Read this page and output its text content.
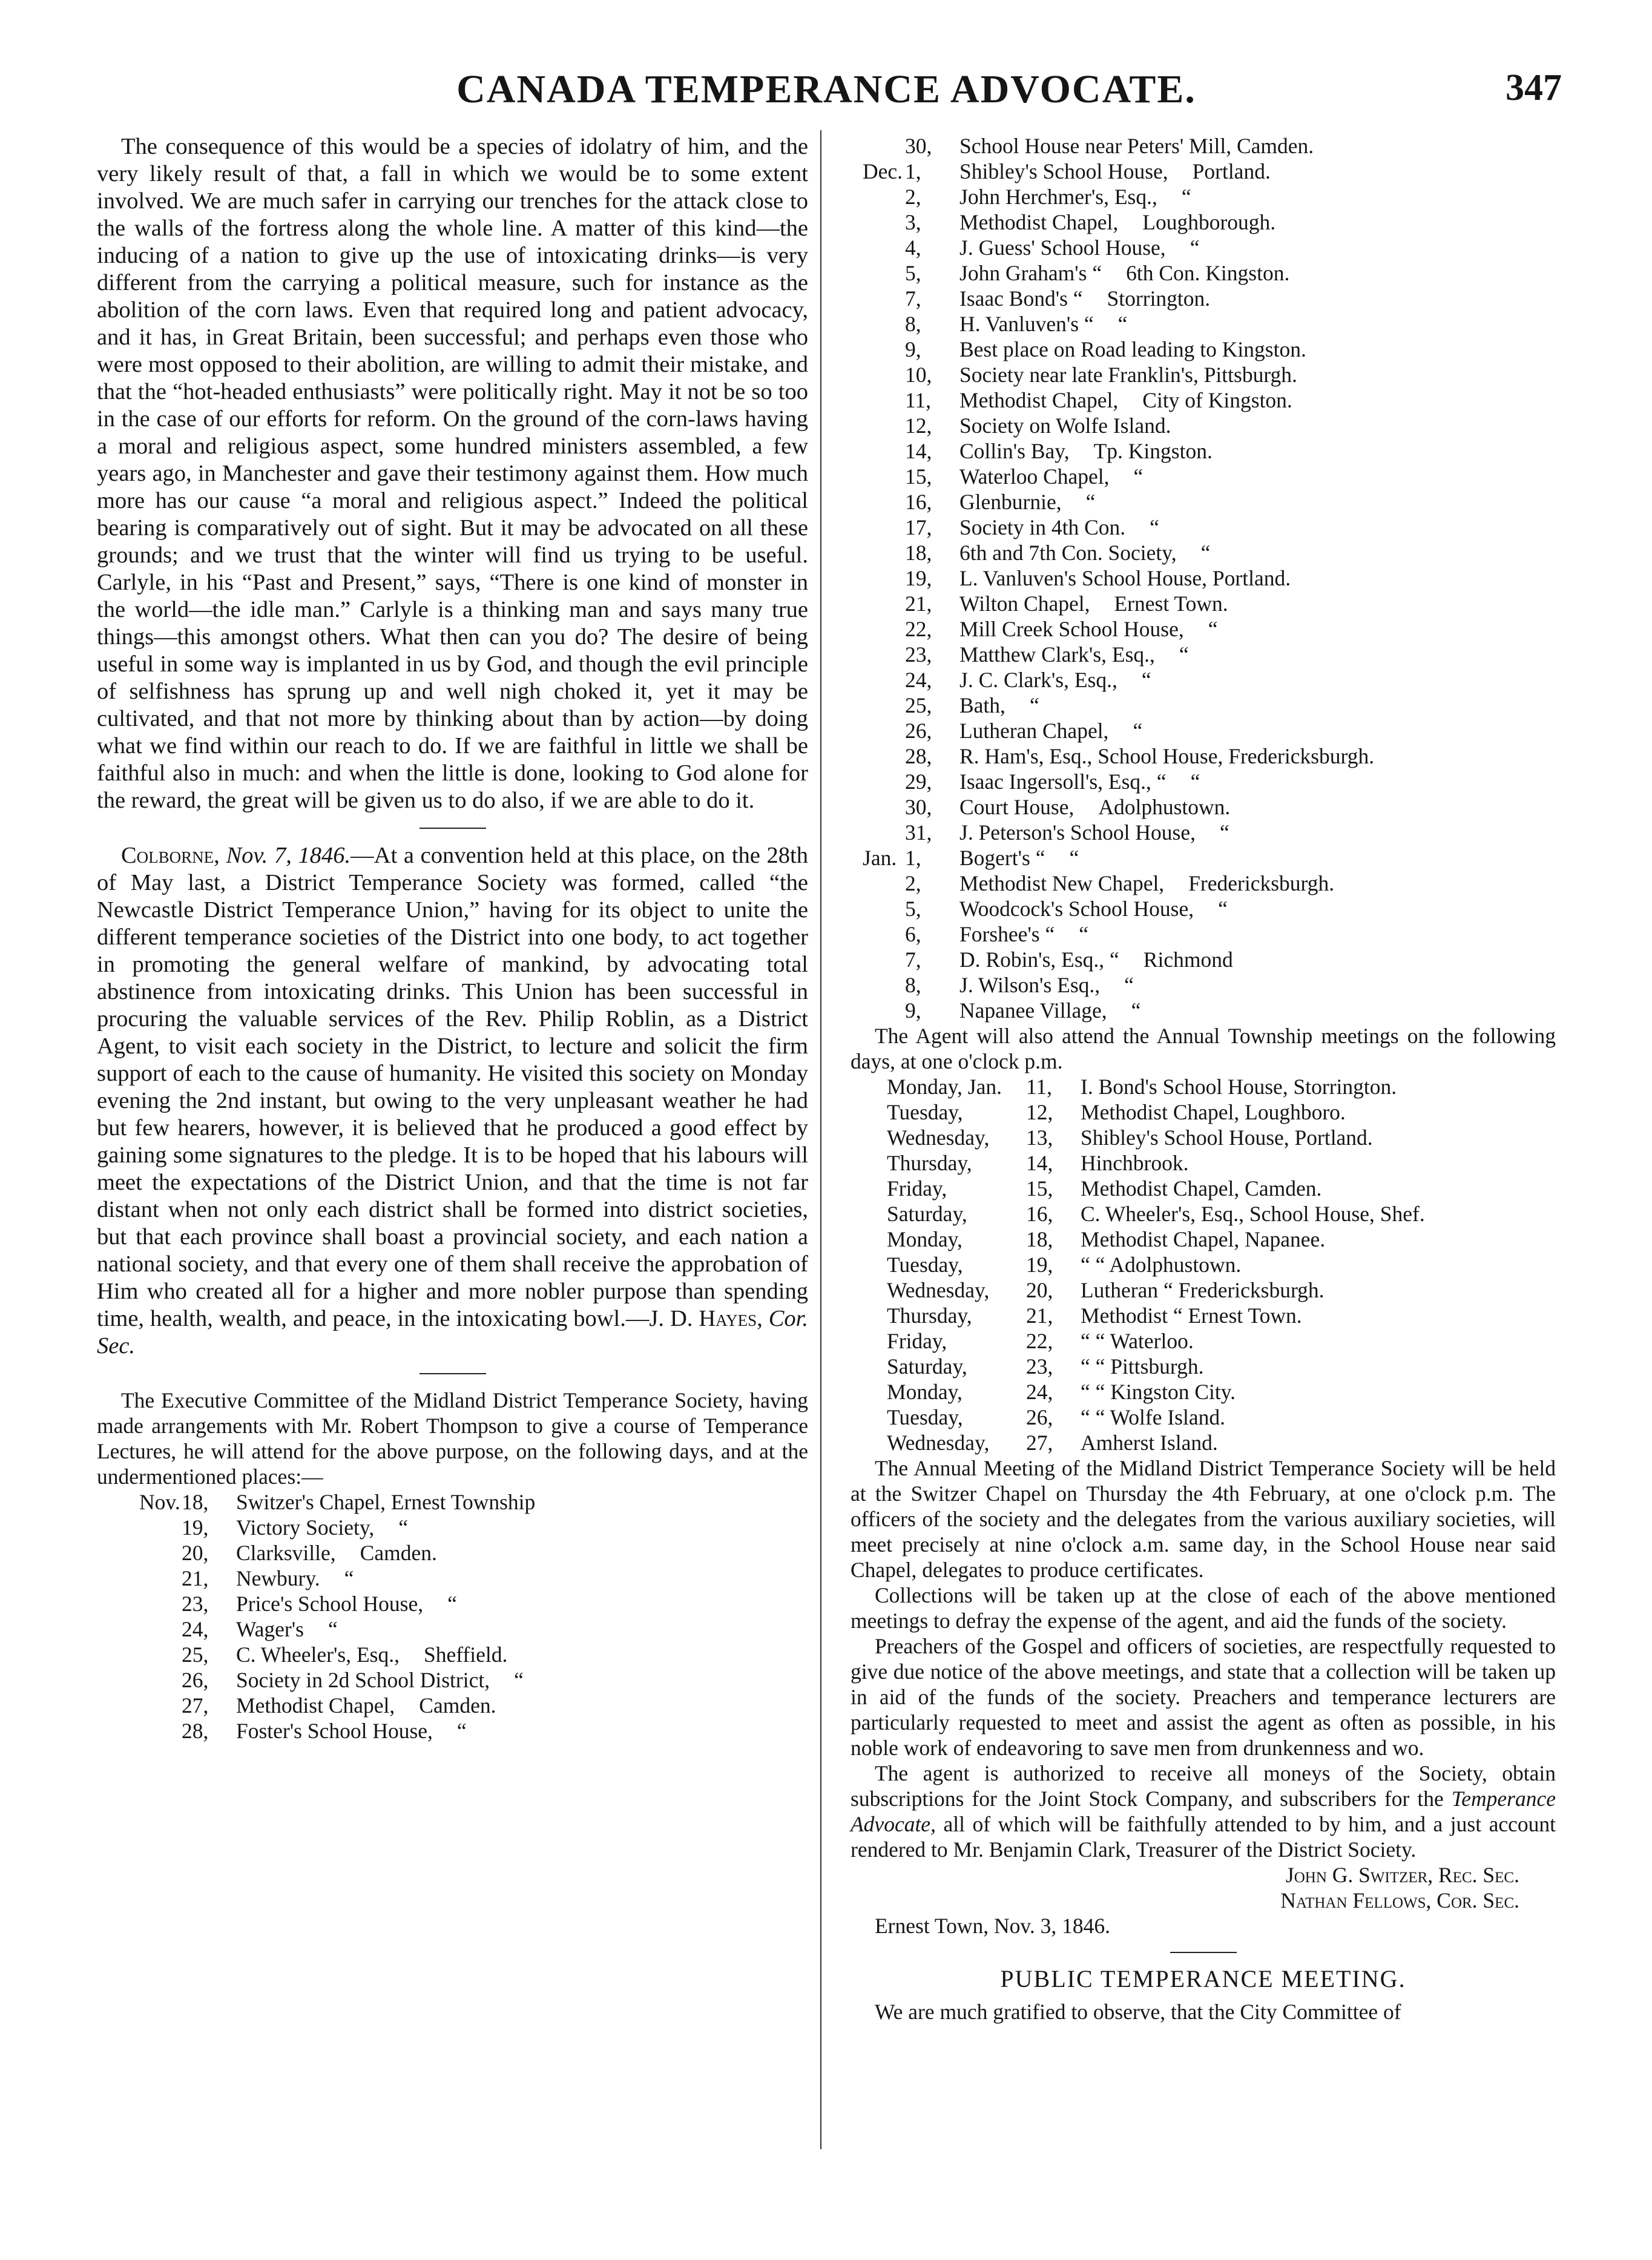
CANADA TEMPERANCE ADVOCATE.	347

The consequence of this would be a species of idolatry of him, and the very likely result of that, a fall in which we would be to some extent involved. We are much safer in carrying our trenches for the attack close to the walls of the fortress along the whole line. A matter of this kind—the inducing of a nation to give up the use of intoxicating drinks—is very different from the carrying a political measure, such for instance as the abolition of the corn laws. Even that required long and patient advocacy, and it has, in Great Britain, been successful; and perhaps even those who were most opposed to their abolition, are willing to admit their mistake, and that the “hot-headed enthusiasts” were politically right. May it not be so too in the case of our efforts for reform. On the ground of the corn-laws having a moral and religious aspect, some hundred ministers assembled, a few years ago, in Manchester and gave their testimony against them. How much more has our cause “a moral and religious aspect.” Indeed the political bearing is comparatively out of sight. But it may be advocated on all these grounds; and we trust that the winter will find us trying to be useful. Carlyle, in his “Past and Present,” says, “There is one kind of monster in the world—the idle man.” Carlyle is a thinking man and says many true things—this amongst others. What then can you do? The desire of being useful in some way is implanted in us by God, and though the evil principle of selfishness has sprung up and well nigh choked it, yet it may be cultivated, and that not more by thinking about than by action—by doing what we find within our reach to do. If we are faithful in little we shall be faithful also in much: and when the little is done, looking to God alone for the reward, the great will be given us to do also, if we are able to do it.

Colborne, Nov. 7, 1846.—At a convention held at this place, on the 28th of May last, a District Temperance Society was formed, called “the Newcastle District Temperance Union,” having for its object to unite the different temperance societies of the District into one body, to act together in promoting the general welfare of mankind, by advocating total abstinence from intoxicating drinks. This Union has been successful in procuring the valuable services of the Rev. Philip Roblin, as a District Agent, to visit each society in the District, to lecture and solicit the firm support of each to the cause of humanity. He visited this society on Monday evening the 2nd instant, but owing to the very unpleasant weather he had but few hearers, however, it is believed that he produced a good effect by gaining some signatures to the pledge. It is to be hoped that his labours will meet the expectations of the District Union, and that the time is not far distant when not only each district shall be formed into district societies, but that each province shall boast a provincial society, and each nation a national society, and that every one of them shall receive the approbation of Him who created all for a higher and more nobler purpose than spending time, health, wealth, and peace, in the intoxicating bowl.—J. D. Hayes, Cor. Sec.

The Executive Committee of the Midland District Temperance Society, having made arrangements with Mr. Robert Thompson to give a course of Temperance Lectures, he will attend for the above purpose, on the following days, and at the undermentioned places:—

Nov. 18,	Switzer's Chapel, Ernest Township
19,	Victory Society, “
20,	Clarksville, Camden.
21,	Newbury. “
23,	Price's School House, “
24,	Wager's “
25,	C. Wheeler's, Esq., Sheffield.
26,	Society in 2d School District, “
27,	Methodist Chapel, Camden.
28,	Foster's School House, “
30,	School House near Peters' Mill, Camden.
Dec. 1,	Shibley's School House, Portland.
2,	John Herchmer's, Esq., “
3,	Methodist Chapel, Loughborough.
4,	J. Guess' School House, “
5,	John Graham's “ 6th Con. Kingston.
7,	Isaac Bond's “ Storrington.
8,	H. Vanluven's “ “
9,	Best place on Road leading to Kingston.
10,	Society near late Franklin's, Pittsburgh.
11,	Methodist Chapel, City of Kingston.
12,	Society on Wolfe Island.
14,	Collin's Bay, Tp. Kingston.
15,	Waterloo Chapel, “
16,	Glenburnie, “
17,	Society in 4th Con. “
18,	6th and 7th Con. Society, “
19,	L. Vanluven's School House, Portland.
21,	Wilton Chapel, Ernest Town.
22,	Mill Creek School House, “
23,	Matthew Clark's, Esq., “
24,	J. C. Clark's, Esq., “
25,	Bath, “
26,	Lutheran Chapel, “
28,	R. Ham's, Esq., School House, Fredericksburgh.
29,	Isaac Ingersoll's, Esq., “ “
30,	Court House, Adolphustown.
31,	J. Peterson's School House, “
Jan. 1,	Bogert's “ “
2,	Methodist New Chapel, Fredericksburgh.
5,	Woodcock's School House, “
6,	Forshee's “ “
7,	D. Robin's, Esq., “ Richmond
8,	J. Wilson's Esq., “
9,	Napanee Village, “

The Agent will also attend the Annual Township meetings on the following days, at one o'clock p.m.

Monday, Jan.	11,	I. Bond's School House, Storrington.
Tuesday,	12,	Methodist Chapel, Loughboro.
Wednesday,	13,	Shibley's School House, Portland.
Thursday,	14,	Hinchbrook.
Friday,	15,	Methodist Chapel, Camden.
Saturday,	16,	C. Wheeler's, Esq., School House, Shef.
Monday,	18,	Methodist Chapel, Napanee.
Tuesday,	19,	“ “ Adolphustown.
Wednesday,	20,	Lutheran “ Fredericksburgh.
Thursday,	21,	Methodist “ Ernest Town.
Friday,	22,	“ “ Waterloo.
Saturday,	23,	“ “ Pittsburgh.
Monday,	24,	“ “ Kingston City.
Tuesday,	26,	“ “ Wolfe Island.
Wednesday,	27,	Amherst Island.

The Annual Meeting of the Midland District Temperance Society will be held at the Switzer Chapel on Thursday the 4th February, at one o'clock p.m. The officers of the society and the delegates from the various auxiliary societies, will meet precisely at nine o'clock a.m. same day, in the School House near said Chapel, delegates to produce certificates.

Collections will be taken up at the close of each of the above mentioned meetings to defray the expense of the agent, and aid the funds of the society.

Preachers of the Gospel and officers of societies, are respectfully requested to give due notice of the above meetings, and state that a collection will be taken up in aid of the funds of the society. Preachers and temperance lecturers are particularly requested to meet and assist the agent as often as possible, in his noble work of endeavoring to save men from drunkenness and wo.

The agent is authorized to receive all moneys of the Society, obtain subscriptions for the Joint Stock Company, and subscribers for the Temperance Advocate, all of which will be faithfully attended to by him, and a just account rendered to Mr. Benjamin Clark, Treasurer of the District Society.

John G. Switzer, Rec. Sec.
Nathan Fellows, Cor. Sec.
Ernest Town, Nov. 3, 1846.
PUBLIC TEMPERANCE MEETING.

We are much gratified to observe, that the City Committee of
